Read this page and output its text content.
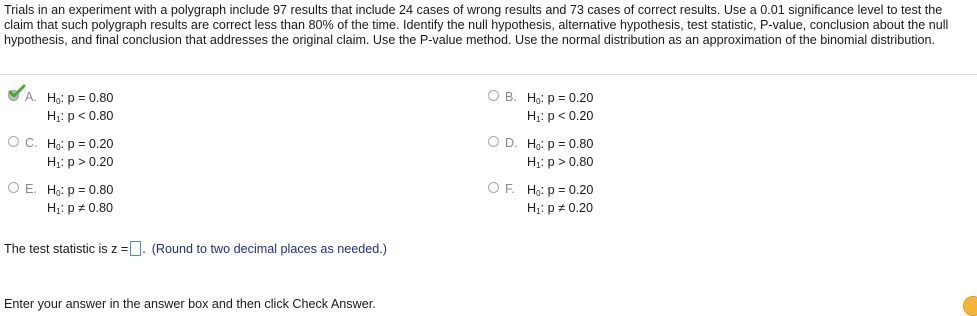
Trials in an experiment with a polygraph include 97 results that include 24 cases of wrong results and 73 cases of correct results. Use a 0.01 significance level to test the claim that such polygraph results are correct less than 80% of the time. Identify the null hypothesis, alternative hypothesis, test statistic, P-value, conclusion about the null hypothesis, and final conclusion that addresses the original claim. Use the P-value method. Use the normal distribution as an approximation of the binomial distribution.
A. $H_0$: p = 0.80
$H_1$: p < 0.80
B. $H_0$: p = 0.20
$H_1$: p < 0.20
C. $H_0$: p = 0.20
$H_1$: p > 0.20
D. $H_0$: p = 0.80
$H_1$: p > 0.80
E. $H_0$: p = 0.80
$H_1$: p ≠ 0.80
F. $H_0$: p = 0.20
$H_1$: p ≠ 0.20
The test statistic is z = . (Round to two decimal places as needed.)
Enter your answer in the answer box and then click Check Answer.
